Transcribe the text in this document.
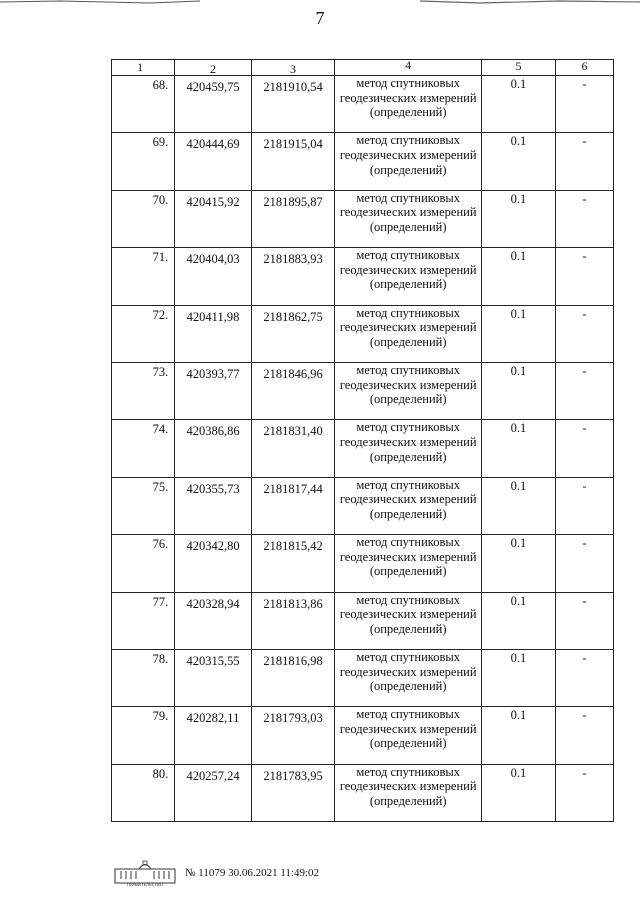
7
1	2	3	4	5	6
68.	420459,75	2181910,54	метод спутниковых геодезических измерений (определений)	0.1	-
69.	420444,69	2181915,04	метод спутниковых геодезических измерений (определений)	0.1	-
70.	420415,92	2181895,87	метод спутниковых геодезических измерений (определений)	0.1	-
71.	420404,03	2181883,93	метод спутниковых геодезических измерений (определений)	0.1	-
72.	420411,98	2181862,75	метод спутниковых геодезических измерений (определений)	0.1	-
73.	420393,77	2181846,96	метод спутниковых геодезических измерений (определений)	0.1	-
74.	420386,86	2181831,40	метод спутниковых геодезических измерений (определений)	0.1	-
75.	420355,73	2181817,44	метод спутниковых геодезических измерений (определений)	0.1	-
76.	420342,80	2181815,42	метод спутниковых геодезических измерений (определений)	0.1	-
77.	420328,94	2181813,86	метод спутниковых геодезических измерений (определений)	0.1	-
78.	420315,55	2181816,98	метод спутниковых геодезических измерений (определений)	0.1	-
79.	420282,11	2181793,03	метод спутниковых геодезических измерений (определений)	0.1	-
80.	420257,24	2181783,95	метод спутниковых геодезических измерений (определений)	0.1	-
ПРАВИТЕЛЬСТВО
№ 11079 30.06.2021 11:49:02
